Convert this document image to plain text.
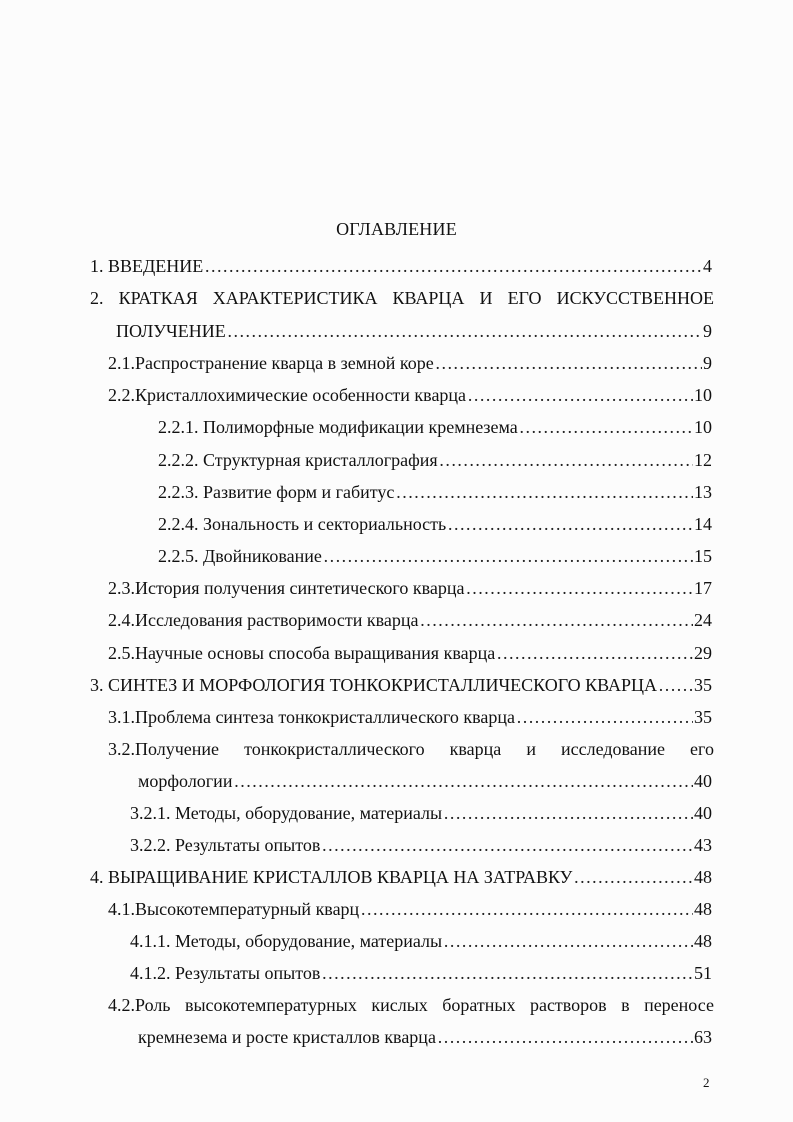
ОГЛАВЛЕНИЕ
1. ВВЕДЕНИЕ …………………………………………………………………………………………………………………………………………………………………………………………………	4
2. КРАТКАЯ ХАРАКТЕРИСТИКА КВАРЦА И ЕГО ИСКУССТВЕННОЕ
ПОЛУЧЕНИЕ …………………………………………………………………………………………………………………………………………………………………………………………………	9
2.1.Распространение кварца в земной коре …………………………………………………………………………………………………………………………………………………………………………………………………	9
2.2.Кристаллохимические особенности кварца …………………………………………………………………………………………………………………………………………………………………………………………………	10
2.2.1. Полиморфные модификации кремнезема …………………………………………………………………………………………………………………………………………………………………………………………………	10
2.2.2. Структурная кристаллография …………………………………………………………………………………………………………………………………………………………………………………………………	12
2.2.3. Развитие форм и габитус …………………………………………………………………………………………………………………………………………………………………………………………………	13
2.2.4. Зональность и секториальность …………………………………………………………………………………………………………………………………………………………………………………………………	14
2.2.5. Двойникование …………………………………………………………………………………………………………………………………………………………………………………………………	15
2.3.История получения синтетического кварца …………………………………………………………………………………………………………………………………………………………………………………………………	17
2.4.Исследования растворимости кварца …………………………………………………………………………………………………………………………………………………………………………………………………	24
2.5.Научные основы способа выращивания кварца …………………………………………………………………………………………………………………………………………………………………………………………………	29
3. СИНТЕЗ И МОРФОЛОГИЯ ТОНКОКРИСТАЛЛИЧЕСКОГО КВАРЦА ………………………………………………………………………………………………………………………………………………………………………………………………… 35
3.1.Проблема синтеза тонкокристаллического кварца …………………………………………………………………………………………………………………………………………………………………………………………………	35
3.2.Получение тонкокристаллического кварца и исследование его
морфологии …………………………………………………………………………………………………………………………………………………………………………………………………	40
3.2.1. Методы, оборудование, материалы …………………………………………………………………………………………………………………………………………………………………………………………………	40
3.2.2. Результаты опытов …………………………………………………………………………………………………………………………………………………………………………………………………	43
4. ВЫРАЩИВАНИЕ КРИСТАЛЛОВ КВАРЦА НА ЗАТРАВКУ …………………………………………………………………………………………………………………………………………………………………………………………………	48
4.1.Высокотемпературный кварц …………………………………………………………………………………………………………………………………………………………………………………………………	48
4.1.1. Методы, оборудование, материалы …………………………………………………………………………………………………………………………………………………………………………………………………	48
4.1.2. Результаты опытов …………………………………………………………………………………………………………………………………………………………………………………………………	51
4.2.Роль высокотемпературных кислых боратных растворов в переносе
кремнезема и росте кристаллов кварца …………………………………………………………………………………………………………………………………………………………………………………………………	63
2
